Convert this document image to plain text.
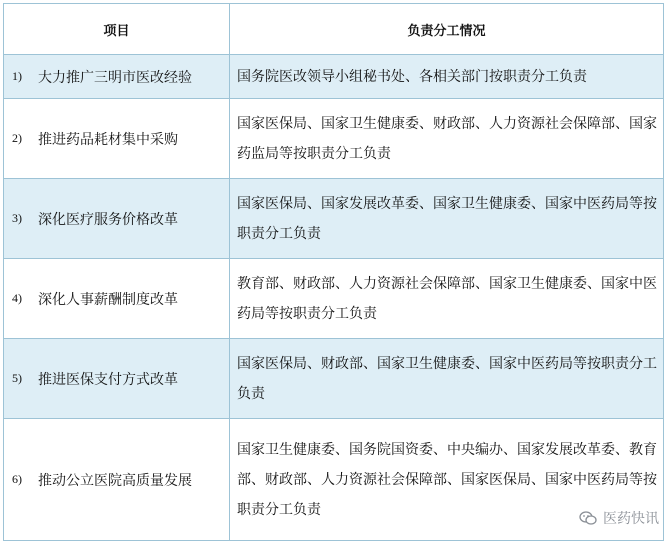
项目	负责分工情况

1) 大力推广三明市医改经验	国务院医改领导小组秘书处、各相关部门按职责分工负责

2) 推进药品耗材集中采购	国家医保局、国家卫生健康委、财政部、人力资源社会保障部、国家药监局等按职责分工负责

3) 深化医疗服务价格改革	国家医保局、国家发展改革委、国家卫生健康委、国家中医药局等按职责分工负责

4) 深化人事薪酬制度改革	教育部、财政部、人力资源社会保障部、国家卫生健康委、国家中医药局等按职责分工负责

5) 推进医保支付方式改革	国家医保局、财政部、国家卫生健康委、国家中医药局等按职责分工负责

6) 推动公立医院高质量发展	国家卫生健康委、国务院国资委、中央编办、国家发展改革委、教育部、财政部、人力资源社会保障部、国家医保局、国家中医药局等按职责分工负责
医药快讯
